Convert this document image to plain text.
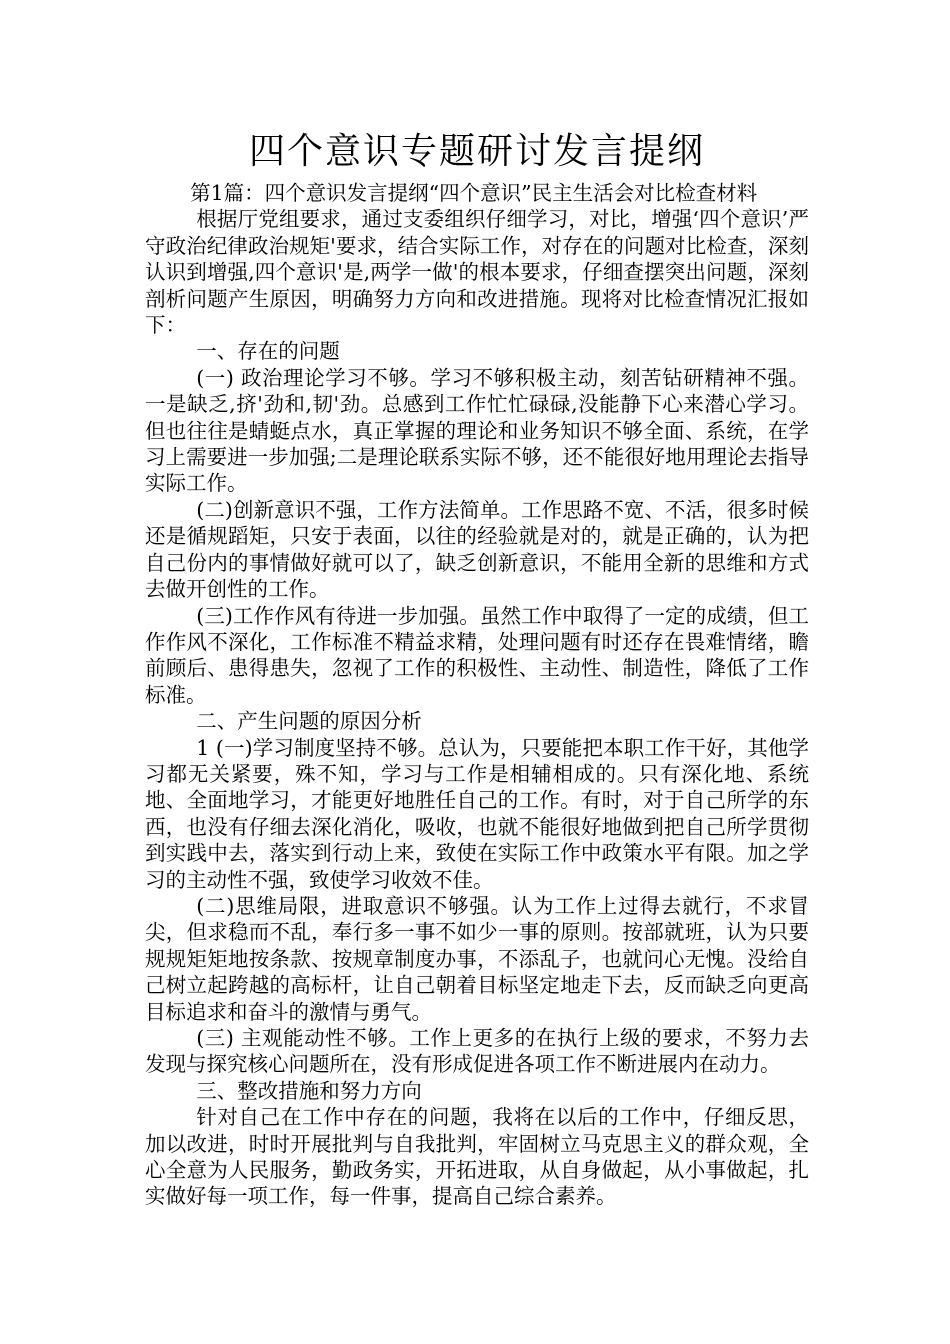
四个意识专题研讨发言提纲

第1篇：四个意识发言提纲“四个意识”民主生活会对比检查材料

根据厅党组要求，通过支委组织仔细学习，对比，增强‘四个意识’严守政治纪律政治规矩'要求，结合实际工作，对存在的问题对比检查，深刻认识到增强,四个意识'是,两学一做'的根本要求，仔细查摆突出问题，深刻剖析问题产生原因，明确努力方向和改进措施。现将对比检查情况汇报如下：

一、存在的问题

(一) 政治理论学习不够。学习不够积极主动，刻苦钻研精神不强。一是缺乏,挤'劲和,韧'劲。总感到工作忙忙碌碌,没能静下心来潜心学习。但也往往是蜻蜓点水，真正掌握的理论和业务知识不够全面、系统，在学习上需要进一步加强;二是理论联系实际不够，还不能很好地用理论去指导实际工作。

(二)创新意识不强，工作方法简单。工作思路不宽、不活，很多时候还是循规蹈矩，只安于表面，以往的经验就是对的，就是正确的，认为把自己份内的事情做好就可以了，缺乏创新意识，不能用全新的思维和方式去做开创性的工作。

(三)工作作风有待进一步加强。虽然工作中取得了一定的成绩，但工作作风不深化，工作标准不精益求精，处理问题有时还存在畏难情绪，瞻前顾后、患得患失，忽视了工作的积极性、主动性、制造性，降低了工作标准。

二、产生问题的原因分析

1 (一)学习制度坚持不够。总认为，只要能把本职工作干好，其他学习都无关紧要，殊不知，学习与工作是相辅相成的。只有深化地、系统地、全面地学习，才能更好地胜任自己的工作。有时，对于自己所学的东西，也没有仔细去深化消化，吸收，也就不能很好地做到把自己所学贯彻到实践中去，落实到行动上来，致使在实际工作中政策水平有限。加之学习的主动性不强，致使学习收效不佳。

(二)思维局限，进取意识不够强。认为工作上过得去就行，不求冒尖，但求稳而不乱，奉行多一事不如少一事的原则。按部就班，认为只要规规矩矩地按条款、按规章制度办事，不添乱子，也就问心无愧。没给自己树立起跨越的高标杆，让自己朝着目标坚定地走下去，反而缺乏向更高目标追求和奋斗的激情与勇气。

(三) 主观能动性不够。工作上更多的在执行上级的要求，不努力去发现与探究核心问题所在，没有形成促进各项工作不断进展内在动力。

三、整改措施和努力方向

针对自己在工作中存在的问题，我将在以后的工作中，仔细反思，加以改进，时时开展批判与自我批判，牢固树立马克思主义的群众观，全心全意为人民服务，勤政务实，开拓进取，从自身做起，从小事做起，扎实做好每一项工作，每一件事，提高自己综合素养。
